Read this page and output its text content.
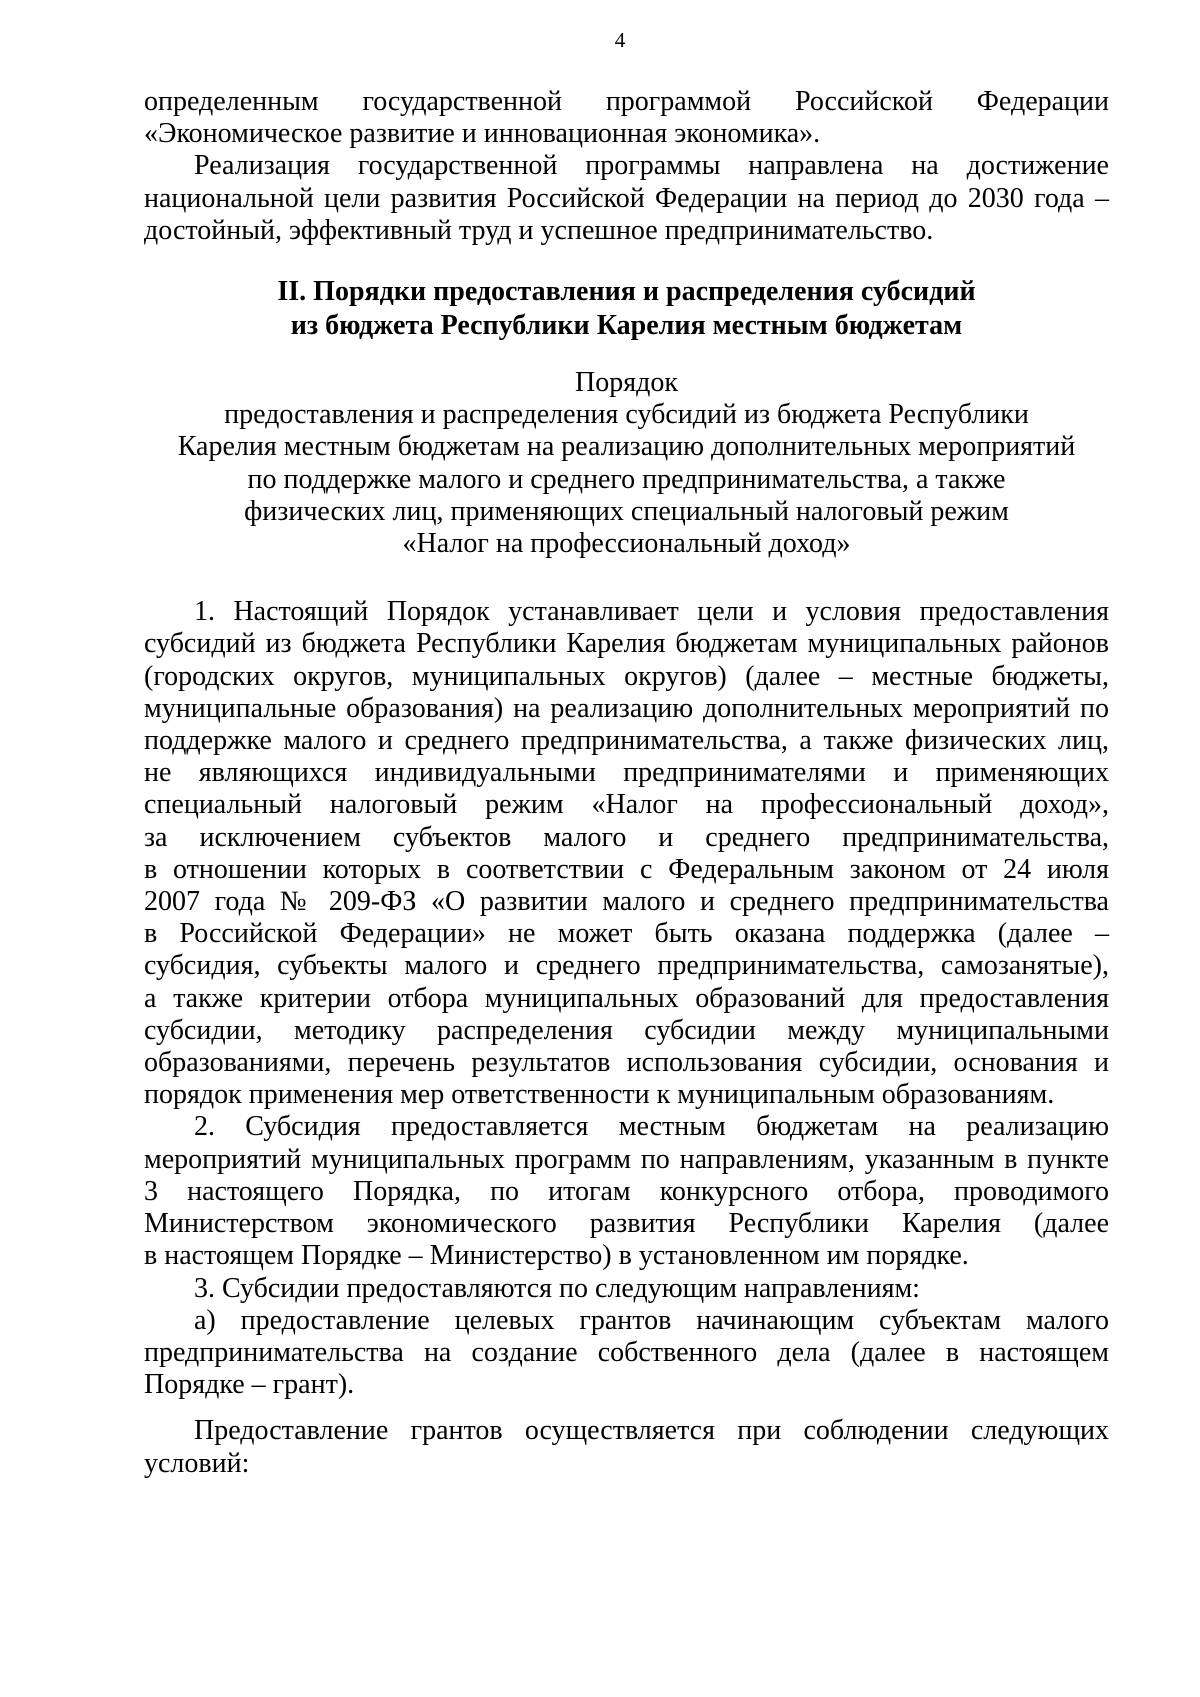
4
определенным государственной программой Российской Федерации
«Экономическое развитие и инновационная экономика».
Реализация государственной программы направлена на достижение
национальной цели развития Российской Федерации на период до 2030 года –
достойный, эффективный труд и успешное предпринимательство.
II. Порядки предоставления и распределения субсидий
из бюджета Республики Карелия местным бюджетам
Порядок
предоставления и распределения субсидий из бюджета Республики
Карелия местным бюджетам на реализацию дополнительных мероприятий
по поддержке малого и среднего предпринимательства, а также
физических лиц, применяющих специальный налоговый режим
«Налог на профессиональный доход»
1. Настоящий Порядок устанавливает цели и условия предоставления
субсидий из бюджета Республики Карелия бюджетам муниципальных районов
(городских округов, муниципальных округов) (далее – местные бюджеты,
муниципальные образования) на реализацию дополнительных мероприятий по
поддержке малого и среднего предпринимательства, а также физических лиц,
не являющихся индивидуальными предпринимателями и применяющих
специальный налоговый режим «Налог на профессиональный доход»,
за исключением субъектов малого и среднего предпринимательства,
в отношении которых в соответствии с Федеральным законом от 24 июля
2007 года № 209-ФЗ «О развитии малого и среднего предпринимательства
в Российской Федерации» не может быть оказана поддержка (далее –
субсидия, субъекты малого и среднего предпринимательства, самозанятые),
а также критерии отбора муниципальных образований для предоставления
субсидии, методику распределения субсидии между муниципальными
образованиями, перечень результатов использования субсидии, основания и
порядок применения мер ответственности к муниципальным образованиям.
2. Субсидия предоставляется местным бюджетам на реализацию
мероприятий муниципальных программ по направлениям, указанным в пункте
3 настоящего Порядка, по итогам конкурсного отбора, проводимого
Министерством экономического развития Республики Карелия (далее
в настоящем Порядке – Министерство) в установленном им порядке.
3. Субсидии предоставляются по следующим направлениям:
а) предоставление целевых грантов начинающим субъектам малого
предпринимательства на создание собственного дела (далее в настоящем
Порядке – грант).
Предоставление грантов осуществляется при соблюдении следующих
условий:
